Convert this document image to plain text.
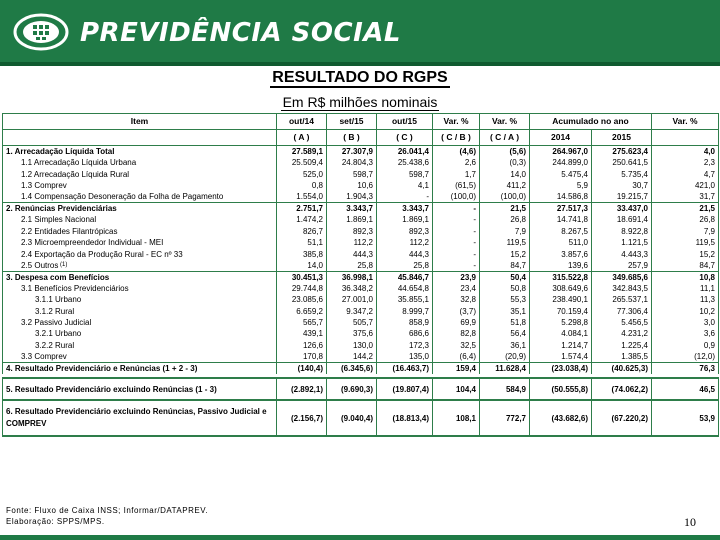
PREVIDÊNCIA SOCIAL
RESULTADO DO RGPS
Em R$ milhões nominais
Item	out/14	set/15	out/15	Var. %	Var. %	Acumulado no ano		Var. %
	( A )	( B )	( C )	( C / B )	( C / A )	2014	2015	
1. Arrecadação Líquida Total	27.589,1	27.307,9	26.041,4	(4,6)	(5,6)	264.967,0	275.623,4	4,0
1.1 Arrecadação Líquida Urbana	25.509,4	24.804,3	25.438,6	2,6	(0,3)	244.899,0	250.641,5	2,3
1.2 Arrecadação Líquida Rural	525,0	598,7	598,7	1,7	14,0	5.475,4	5.735,4	4,7
1.3 Comprev	0,8	10,6	4,1	(61,5)	411,2	5,9	30,7	421,0
1.4 Compensação Desoneração da Folha de Pagamento	1.554,0	1.904,3	-	(100,0)	(100,0)	14.586,8	19.215,7	31,7
2. Renúncias Previdenciárias	2.751,7	3.343,7	3.343,7	-	21,5	27.517,3	33.437,0	21,5
2.1 Simples Nacional	1.474,2	1.869,1	1.869,1	-	26,8	14.741,8	18.691,4	26,8
2.2 Entidades Filantrópicas	826,7	892,3	892,3	-	7,9	8.267,5	8.922,8	7,9
2.3 Microempreendedor Individual - MEI	51,1	112,2	112,2	-	119,5	511,0	1.121,5	119,5
2.4 Exportação da Produção Rural - EC nº 33	385,8	444,3	444,3	-	15,2	3.857,6	4.443,3	15,2
2.5 Outros $^{(1)}$	14,0	25,8	25,8	-	84,7	139,6	257,9	84,7
3. Despesa com Benefícios	30.451,3	36.998,1	45.846,7	23,9	50,4	315.522,8	349.685,6	10,8
3.1 Benefícios Previdenciários	29.744,8	36.348,2	44.654,8	23,4	50,8	308.649,6	342.843,5	11,1
3.1.1 Urbano	23.085,6	27.001,0	35.855,1	32,8	55,3	238.490,1	265.537,1	11,3
3.1.2 Rural	6.659,2	9.347,2	8.999,7	(3,7)	35,1	70.159,4	77.306,4	10,2
3.2 Passivo Judicial	565,7	505,7	858,9	69,9	51,8	5.298,8	5.456,5	3,0
3.2.1 Urbano	439,1	375,6	686,6	82,8	56,4	4.084,1	4.231,2	3,6
3.2.2 Rural	126,6	130,0	172,3	32,5	36,1	1.214,7	1.225,4	0,9
3.3 Comprev	170,8	144,2	135,0	(6,4)	(20,9)	1.574,4	1.385,5	(12,0)
4. Resultado Previdenciário e Renúncias (1 + 2 - 3)	(140,4)	(6.345,6)	(16.463,7)	159,4	11.628,4	(23.038,4)	(40.625,3)	76,3

5. Resultado Previdenciário excluindo Renúncias (1 - 3)	(2.892,1)	(9.690,3)	(19.807,4)	104,4	584,9	(50.555,8)	(74.062,2)	46,5
6. Resultado Previdenciário excluindo Renúncias, Passivo Judicial e COMPREV	(2.156,7)	(9.040,4)	(18.813,4)	108,1	772,7	(43.682,6)	(67.220,2)	53,9
Fonte: Fluxo de Caixa INSS; Informar/DATAPREV.
Elaboração: SPPS/MPS.	10
